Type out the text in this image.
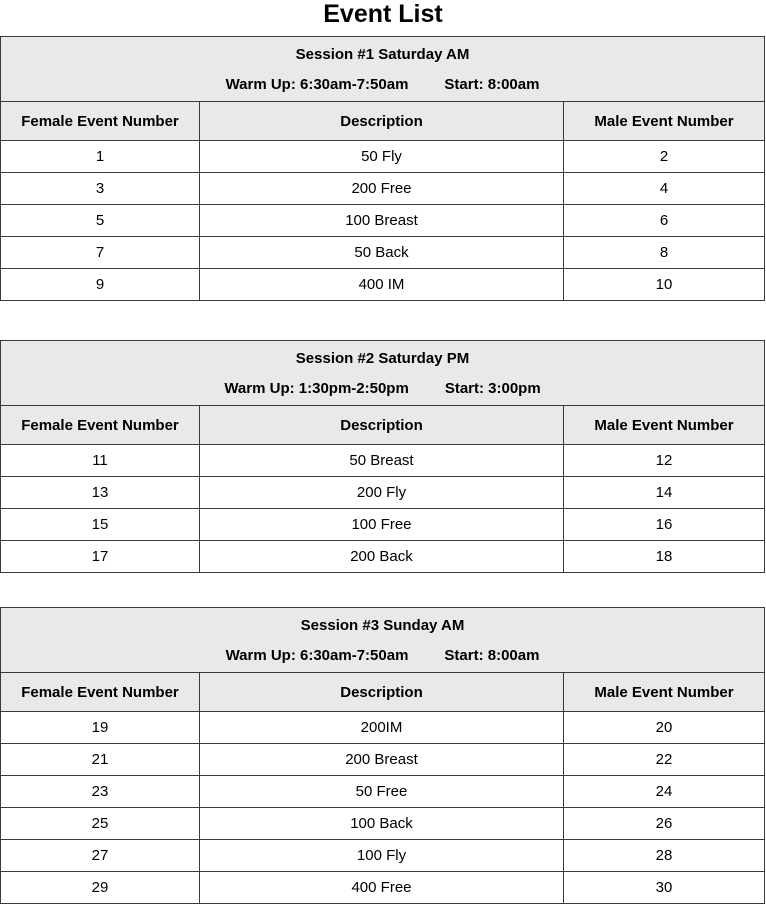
Event List
Session #1 Saturday AM
Warm Up: 6:30am-7:50am Start: 8:00am		

Female Event Number	Description	Male Event Number
1	50 Fly	2
3	200 Free	4
5	100 Breast	6
7	50 Back	8
9	400 IM	10
Session #2 Saturday PM
Warm Up: 1:30pm-2:50pm Start: 3:00pm		

Female Event Number	Description	Male Event Number
11	50 Breast	12
13	200 Fly	14
15	100 Free	16
17	200 Back	18
Session #3 Sunday AM
Warm Up: 6:30am-7:50am Start: 8:00am		

Female Event Number	Description	Male Event Number
19	200IM	20
21	200 Breast	22
23	50 Free	24
25	100 Back	26
27	100 Fly	28
29	400 Free	30
